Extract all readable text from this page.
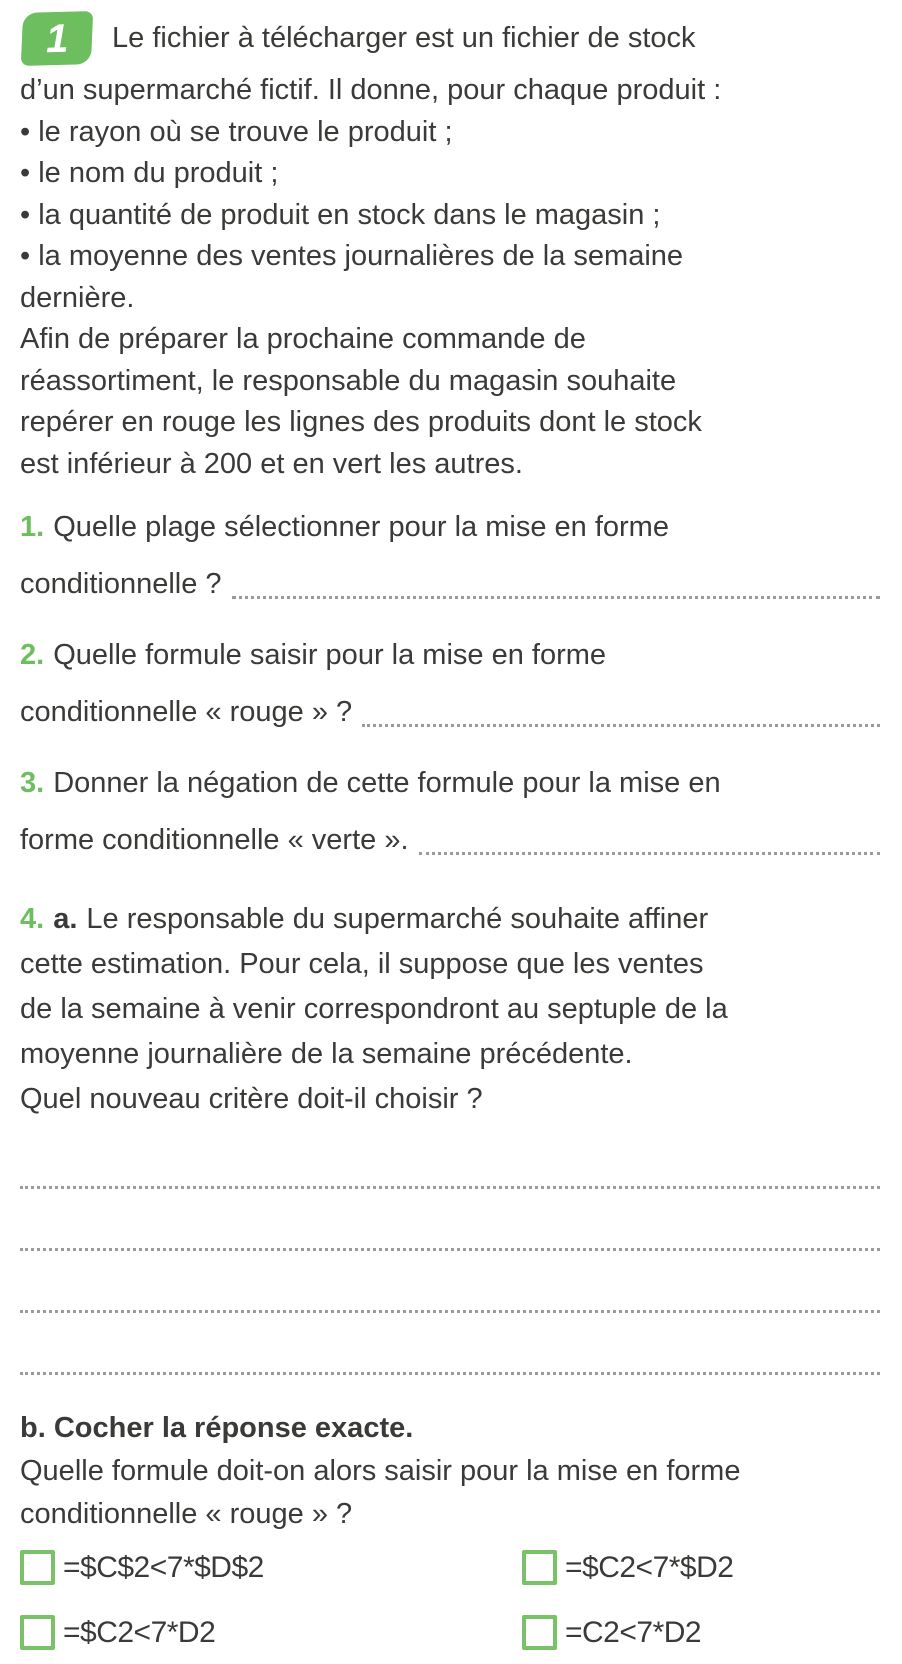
1	Le fichier à télécharger est un fichier de stock
d’un supermarché fictif. Il donne, pour chaque produit :
• le rayon où se trouve le produit ;
• le nom du produit ;
• la quantité de produit en stock dans le magasin ;
• la moyenne des ventes journalières de la semaine
dernière.
Afin de préparer la prochaine commande de
réassortiment, le responsable du magasin souhaite
repérer en rouge les lignes des produits dont le stock
est inférieur à 200 et en vert les autres.
1. Quelle plage sélectionner pour la mise en forme
conditionnelle ?
2. Quelle formule saisir pour la mise en forme
conditionnelle « rouge » ?
3. Donner la négation de cette formule pour la mise en
forme conditionnelle « verte ».
4. a. Le responsable du supermarché souhaite affiner
cette estimation. Pour cela, il suppose que les ventes
de la semaine à venir correspondront au septuple de la
moyenne journalière de la semaine précédente.
Quel nouveau critère doit-il choisir ?
b. Cocher la réponse exacte.
Quelle formule doit-on alors saisir pour la mise en forme
conditionnelle « rouge » ?
=$C$2<7*$D$2	=$C2<7*$D2
=$C2<7*D2	=C2<7*D2
